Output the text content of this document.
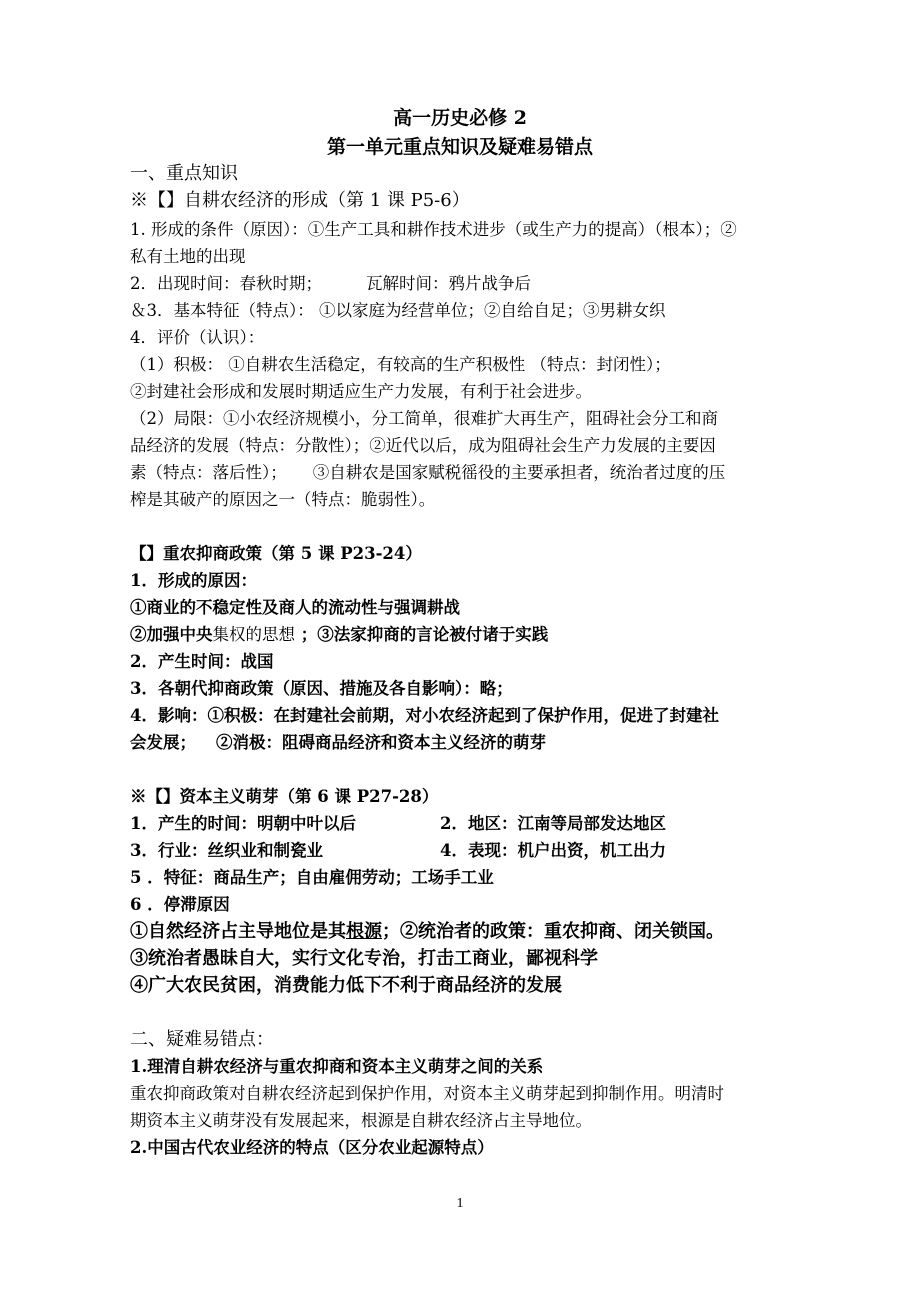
高一历史必修 2
第一单元重点知识及疑难易错点
一、重点知识
※【】自耕农经济的形成（第 1 课 P5-6）
1. 形成的条件（原因）：①生产工具和耕作技术进步（或生产力的提高）（根本）；②
私有土地的出现
2．出现时间：春秋时期；	瓦解时间：鸦片战争后
＆3．基本特征（特点）： ①以家庭为经营单位；②自给自足；③男耕女织
4．评价（认识）：
（1）积极： ①自耕农生活稳定，有较高的生产积极性 （特点：封闭性）；
②封建社会形成和发展时期适应生产力发展，有利于社会进步。
（2）局限：①小农经济规模小，分工简单，很难扩大再生产，阻碍社会分工和商
品经济的发展（特点：分散性）；②近代以后，成为阻碍社会生产力发展的主要因
素（特点：落后性）； ③自耕农是国家赋税徭役的主要承担者，统治者过度的压
榨是其破产的原因之一（特点：脆弱性）。
【】重农抑商政策（第 5 课 P23-24）
1．形成的原因：
①商业的不稳定性及商人的流动性与强调耕战
②加强中央集权的思想 ；③法家抑商的言论被付诸于实践
2．产生时间：战国
3．各朝代抑商政策（原因、措施及各自影响）：略；
4．影响：①积极：在封建社会前期，对小农经济起到了保护作用，促进了封建社
会发展； ②消极：阻碍商品经济和资本主义经济的萌芽
※【】资本主义萌芽（第 6 课 P27-28）
1．产生的时间：明朝中叶以后	2．地区：江南等局部发达地区
3．行业：丝织业和制瓷业	4．表现：机户出资，机工出力
5 ．特征：商品生产；自由雇佣劳动；工场手工业
6 ．停滞原因
①自然经济占主导地位是其根源；②统治者的政策：重农抑商、闭关锁国。
③统治者愚昧自大，实行文化专治，打击工商业，鄙视科学
④广大农民贫困，消费能力低下不利于商品经济的发展
二、疑难易错点：
1.理清自耕农经济与重农抑商和资本主义萌芽之间的关系
重农抑商政策对自耕农经济起到保护作用，对资本主义萌芽起到抑制作用。明清时
期资本主义萌芽没有发展起来，根源是自耕农经济占主导地位。
2.中国古代农业经济的特点（区分农业起源特点）
1
